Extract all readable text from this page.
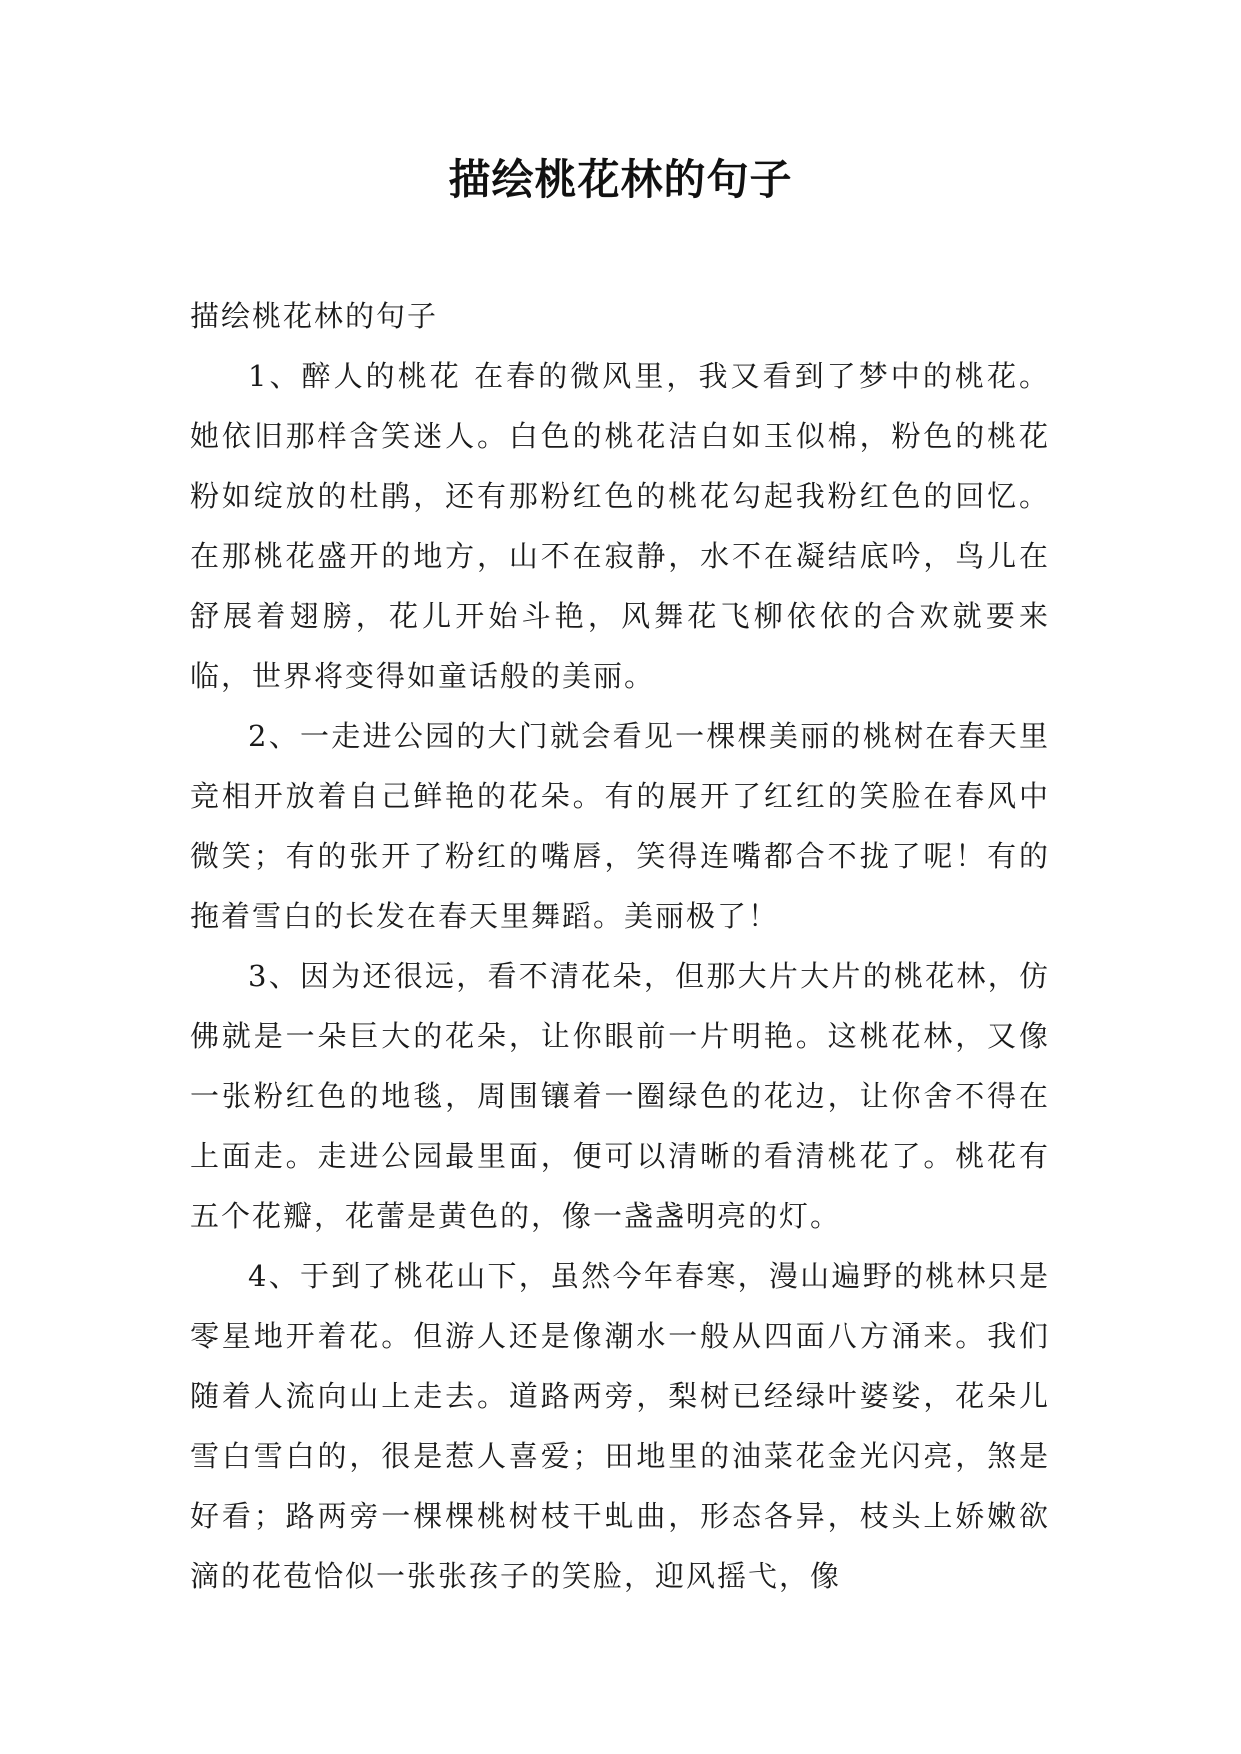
描绘桃花林的句子

描绘桃花林的句子

1、醉人的桃花 在春的微风里，我又看到了梦中的桃花。她依旧那样含笑迷人。白色的桃花洁白如玉似棉，粉色的桃花粉如绽放的杜鹃，还有那粉红色的桃花勾起我粉红色的回忆。在那桃花盛开的地方，山不在寂静，水不在凝结底吟，鸟儿在舒展着翅膀，花儿开始斗艳，风舞花飞柳依依的合欢就要来临，世界将变得如童话般的美丽。

2、一走进公园的大门就会看见一棵棵美丽的桃树在春天里竞相开放着自己鲜艳的花朵。有的展开了红红的笑脸在春风中微笑；有的张开了粉红的嘴唇，笑得连嘴都合不拢了呢！有的拖着雪白的长发在春天里舞蹈。美丽极了！

3、因为还很远，看不清花朵，但那大片大片的桃花林，仿佛就是一朵巨大的花朵，让你眼前一片明艳。这桃花林，又像一张粉红色的地毯，周围镶着一圈绿色的花边，让你舍不得在上面走。走进公园最里面，便可以清晰的看清桃花了。桃花有五个花瓣，花蕾是黄色的，像一盏盏明亮的灯。

4、于到了桃花山下，虽然今年春寒，漫山遍野的桃林只是零星地开着花。但游人还是像潮水一般从四面八方涌来。我们随着人流向山上走去。道路两旁，梨树已经绿叶婆娑，花朵儿雪白雪白的，很是惹人喜爱；田地里的油菜花金光闪亮，煞是好看；路两旁一棵棵桃树枝干虬曲，形态各异，枝头上娇嫩欲滴的花苞恰似一张张孩子的笑脸，迎风摇弋，像
